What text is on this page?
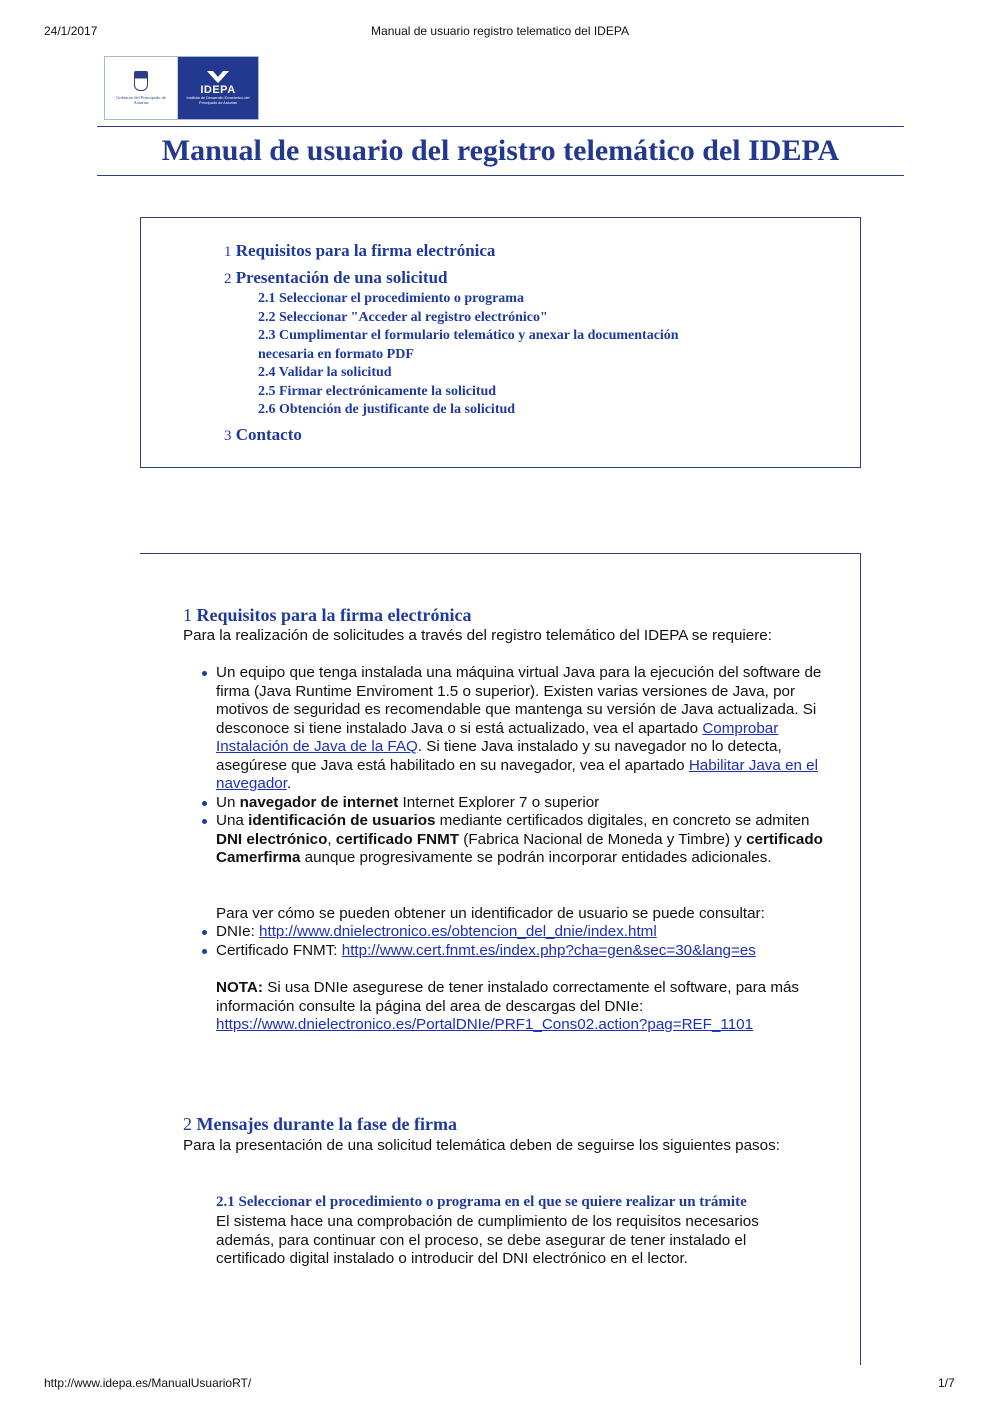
24/1/2017	Manual de usuario registro telematico del IDEPA
http://www.idepa.es/ManualUsuarioRT/	1/7
Gobierno del Principado de Asturias
IDEPA
Instituto de Desarrollo Económico del Principado de Asturias
Manual de usuario del registro telemático del IDEPA
1 Requisitos para la firma electrónica
2 Presentación de una solicitud
2.1 Seleccionar el procedimiento o programa
2.2 Seleccionar "Acceder al registro electrónico"
2.3 Cumplimentar el formulario telemático y anexar la documentación
necesaria en formato PDF
2.4 Validar la solicitud
2.5 Firmar electrónicamente la solicitud
2.6 Obtención de justificante de la solicitud
3 Contacto
1 Requisitos para la firma electrónica
Para la realización de solicitudes a través del registro telemático del IDEPA se requiere:
Un equipo que tenga instalada una máquina virtual Java para la ejecución del software de firma (Java Runtime Enviroment 1.5 o superior). Existen varias versiones de Java, por motivos de seguridad es recomendable que mantenga su versión de Java actualizada. Si desconoce si tiene instalado Java o si está actualizado, vea el apartado Comprobar Instalación de Java de la FAQ. Si tiene Java instalado y su navegador no lo detecta, asegúrese que Java está habilitado en su navegador, vea el apartado Habilitar Java en el navegador.
Un navegador de internet Internet Explorer 7 o superior
Una identificación de usuarios mediante certificados digitales, en concreto se admiten DNI electrónico, certificado FNMT (Fabrica Nacional de Moneda y Timbre) y certificado Camerfirma aunque progresivamente se podrán incorporar entidades adicionales.
Para ver cómo se pueden obtener un identificador de usuario se puede consultar:
DNIe: http://www.dnielectronico.es/obtencion_del_dnie/index.html
Certificado FNMT: http://www.cert.fnmt.es/index.php?cha=gen&sec=30&lang=es
NOTA: Si usa DNIe asegurese de tener instalado correctamente el software, para más información consulte la página del area de descargas del DNIe:
https://www.dnielectronico.es/PortalDNIe/PRF1_Cons02.action?pag=REF_1101
2 Mensajes durante la fase de firma
Para la presentación de una solicitud telemática deben de seguirse los siguientes pasos:
2.1 Seleccionar el procedimiento o programa en el que se quiere realizar un trámite
El sistema hace una comprobación de cumplimiento de los requisitos necesarios además, para continuar con el proceso, se debe asegurar de tener instalado el certificado digital instalado o introducir del DNI electrónico en el lector.
